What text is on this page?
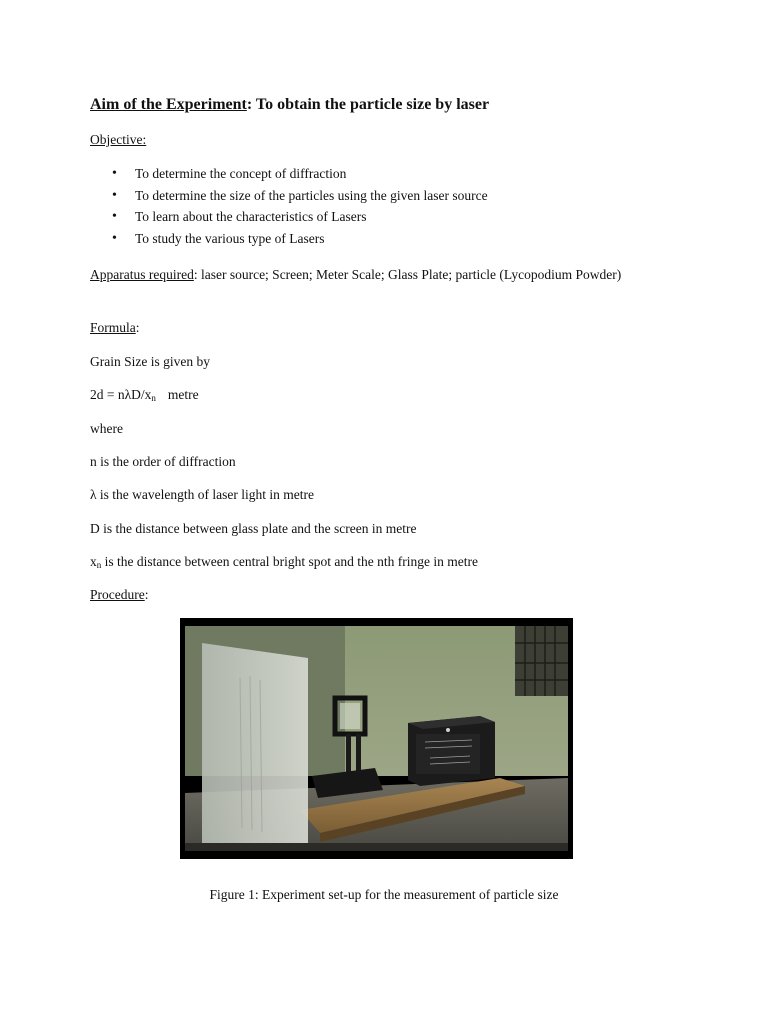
Aim of the Experiment: To obtain the particle size by laser
Objective:
• To determine the concept of diffraction
• To determine the size of the particles using the given laser source
• To learn about the characteristics of Lasers
• To study the various type of Lasers
Apparatus required: laser source; Screen; Meter Scale; Glass Plate; particle (Lycopodium Powder)
Formula:
Grain Size is given by
2d = nλD/$x_n$ metre
where
n is the order of diffraction
λ is the wavelength of laser light in metre
D is the distance between glass plate and the screen in metre
$x_n$ is the distance between central bright spot and the nth fringe in metre
Procedure:
Figure 1: Experiment set-up for the measurement of particle size
